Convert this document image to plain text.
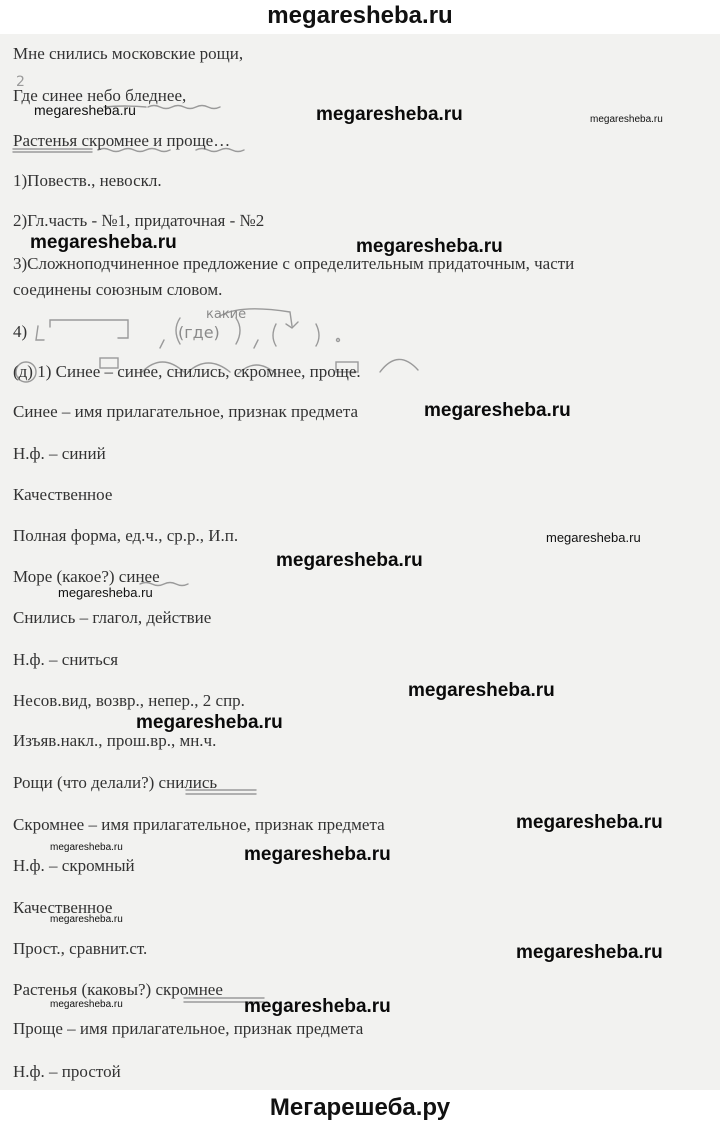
megaresheba.ru
2
какие
(где)
Мне снились московские рощи,
Где синее небо бледнее,
Растенья скромнее и проще…
1)Повеств., невоскл.
2)Гл.часть - №1, придаточная - №2
3)Сложноподчиненное предложение с определительным придаточным, части
соединены союзным словом.
4)
(д) 1) Синее – синее, снились, скромнее, проще.
Синее – имя прилагательное, признак предмета
Н.ф. – синий
Качественное
Полная форма, ед.ч., ср.р., И.п.
Море (какое?) синее
Снились – глагол, действие
Н.ф. – сниться
Несов.вид, возвр., непер., 2 спр.
Изъяв.накл., прош.вр., мн.ч.
Рощи (что делали?) снились
Скромнее – имя прилагательное, признак предмета
Н.ф. – скромный
Качественное
Прост., сравнит.ст.
Растенья (каковы?) скромнее
Проще – имя прилагательное, признак предмета
Н.ф. – простой
megaresheba.ru
megaresheba.ru	megaresheba.ru
megaresheba.ru
megaresheba.ru
megaresheba.ru
megaresheba.ru
megaresheba.ru
megaresheba.ru
megaresheba.ru
megaresheba.ru
megaresheba.ru
megaresheba.ru
megaresheba.ru
megaresheba.ru
megaresheba.ru
megaresheba.ru
megaresheba.ru
Мегарешеба.ру
